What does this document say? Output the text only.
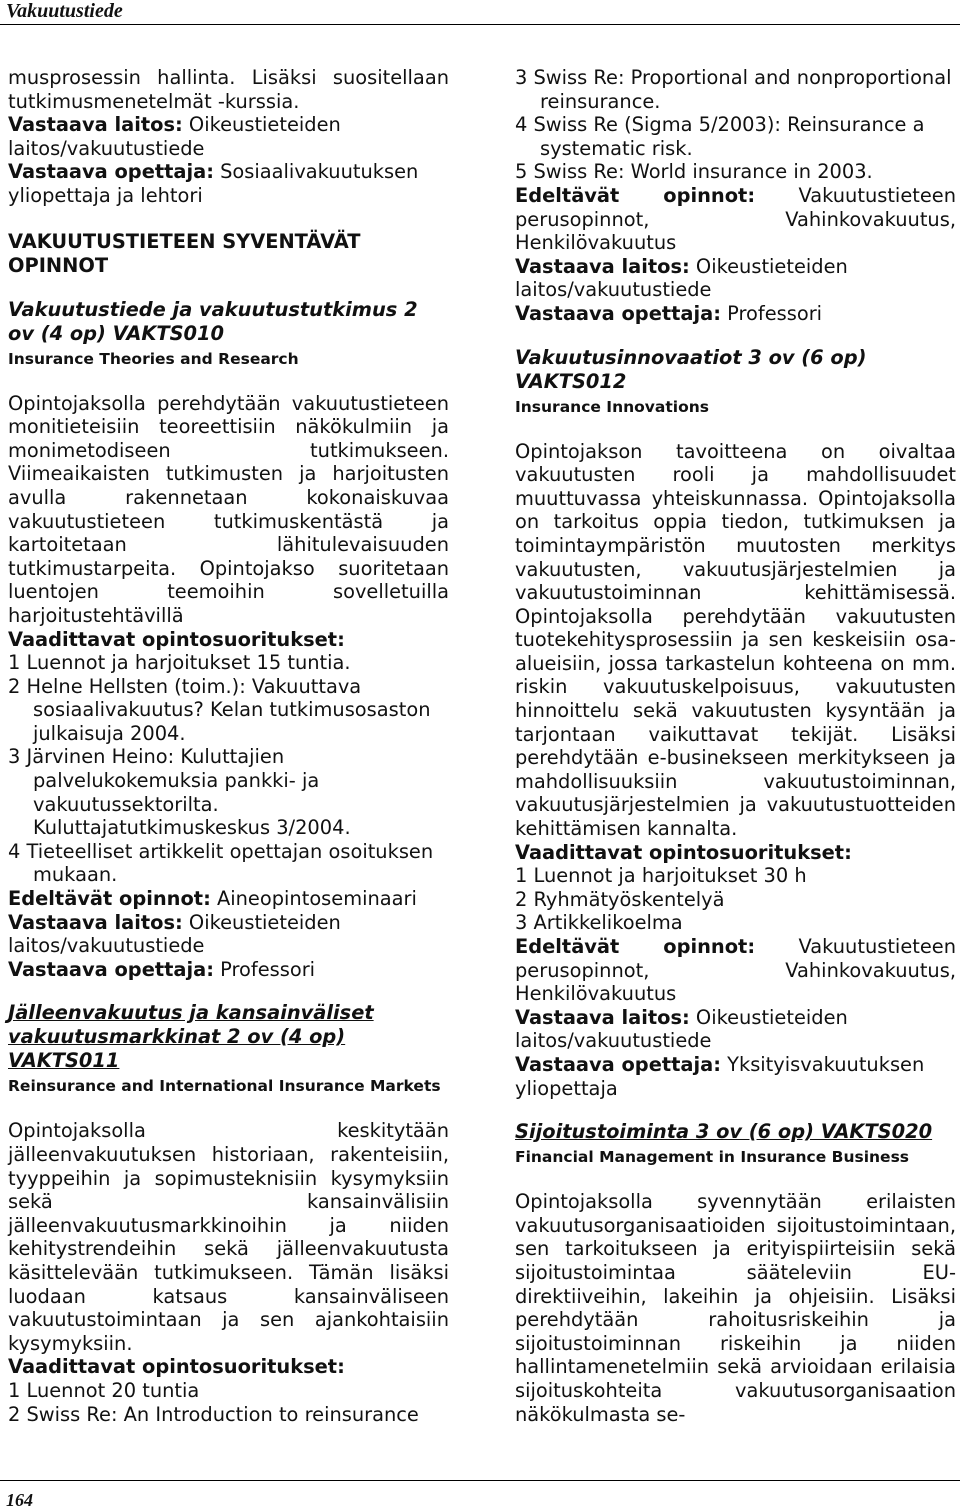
Vakuutustiede

musprosessin hallinta. Lisäksi suositellaan tutkimusmenetelmät -kurssia.

Vastaava laitos: Oikeustieteiden laitos/vakuutustiede
Vastaava opettaja: Sosiaalivakuutuksen yliopettaja ja lehtori
VAKUUTUSTIETEEN SYVENTÄVÄT OPINNOT
Vakuutustiede ja vakuutustutkimus 2 ov (4 op) VAKTS010
Insurance Theories and Research

Opintojaksolla perehdytään vakuutustieteen monitieteisiin teoreettisiin näkökulmiin ja monimetodiseen tutkimukseen. Viimeaikaisten tutkimusten ja harjoitusten avulla rakennetaan kokonaiskuvaa vakuutustieteen tutkimuskentästä ja kartoitetaan lähitulevaisuuden tutkimustarpeita. Opintojakso suoritetaan luentojen teemoihin sovelletuilla harjoitustehtävillä

Vaadittavat opintosuoritukset:
1 Luennot ja harjoitukset 15 tuntia.
2 Helne Hellsten (toim.): Vakuuttava sosiaalivakuutus? Kelan tutkimusosaston julkaisuja 2004.
3 Järvinen Heino: Kuluttajien palvelukokemuksia pankki- ja vakuutussektorilta. Kuluttajatutkimuskeskus 3/2004.
4 Tieteelliset artikkelit opettajan osoituksen mukaan.
Edeltävät opinnot: Aineopintoseminaari
Vastaava laitos: Oikeustieteiden laitos/vakuutustiede
Vastaava opettaja: Professori
Jälleenvakuutus ja kansainväliset vakuutusmarkkinat 2 ov (4 op) VAKTS011
Reinsurance and International Insurance Markets

Opintojaksolla keskitytään jälleenvakuutuksen historiaan, rakenteisiin, tyyppeihin ja sopimusteknisiin kysymyksiin sekä kansainvälisiin jälleenvakuutusmarkkinoihin ja niiden kehitystrendeihin sekä jälleenvakuutusta käsittelevään tutkimukseen. Tämän lisäksi luodaan katsaus kansainväliseen vakuutustoimintaan ja sen ajankohtaisiin kysymyksiin.

Vaadittavat opintosuoritukset:
1 Luennot 20 tuntia
2 Swiss Re: An Introduction to reinsurance
3 Swiss Re: Proportional and nonproportional reinsurance.
4 Swiss Re (Sigma 5/2003): Reinsurance a systematic risk.
5 Swiss Re: World insurance in 2003.
Edeltävät opinnot: Vakuutustieteen perusopinnot, Vahinkovakuutus, Henkilövakuutus
Vastaava laitos: Oikeustieteiden laitos/vakuutustiede
Vastaava opettaja: Professori
Vakuutusinnovaatiot 3 ov (6 op) VAKTS012
Insurance Innovations

Opintojakson tavoitteena on oivaltaa vakuutusten rooli ja mahdollisuudet muuttuvassa yhteiskunnassa. Opintojaksolla on tarkoitus oppia tiedon, tutkimuksen ja toimintaympäristön muutosten merkitys vakuutusten, vakuutusjärjestelmien ja vakuutustoiminnan kehittämisessä. Opintojaksolla perehdytään vakuutusten tuotekehitysprosessiin ja sen keskeisiin osa-alueisiin, jossa tarkastelun kohteena on mm. riskin vakuutuskelpoisuus, vakuutusten hinnoittelu sekä vakuutusten kysyntään ja tarjontaan vaikuttavat tekijät. Lisäksi perehdytään e-businekseen merkitykseen ja mahdollisuuksiin vakuutustoiminnan, vakuutusjärjestelmien ja vakuutustuotteiden kehittämisen kannalta.

Vaadittavat opintosuoritukset:
1 Luennot ja harjoitukset 30 h
2 Ryhmätyöskentelyä
3 Artikkelikoelma
Edeltävät opinnot: Vakuutustieteen perusopinnot, Vahinkovakuutus, Henkilövakuutus
Vastaava laitos: Oikeustieteiden laitos/vakuutustiede
Vastaava opettaja: Yksityisvakuutuksen yliopettaja
Sijoitustoiminta 3 ov (6 op) VAKTS020
Financial Management in Insurance Business

Opintojaksolla syvennytään erilaisten vakuutusorganisaatioiden sijoitustoimintaan, sen tarkoitukseen ja erityispiirteisiin sekä sijoitustoimintaa sääteleviin EU-direktiiveihin, lakeihin ja ohjeisiin. Lisäksi perehdytään rahoitusriskeihin ja sijoitustoiminnan riskeihin ja niiden hallintamenetelmiin sekä arvioidaan erilaisia sijoituskohteita vakuutusorganisaation näkökulmasta se-

164
